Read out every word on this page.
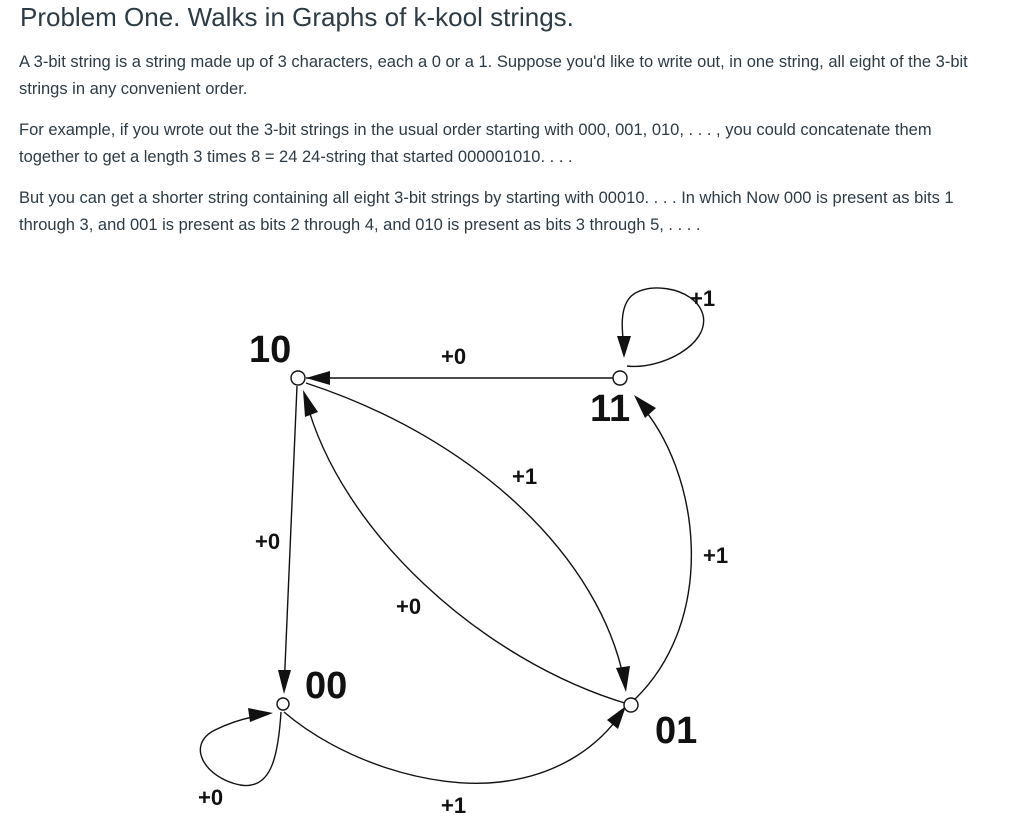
Problem One. Walks in Graphs of k-kool strings.

A 3-bit string is a string made up of 3 characters, each a 0 or a 1. Suppose you'd like to write out, in one string, all eight of the 3-bit strings in any convenient order.

For example, if you wrote out the 3-bit strings in the usual order starting with 000, 001, 010, . . . , you could concatenate them together to get a length 3 times 8 = 24 24-string that started 000001010. . . .

But you can get a shorter string containing all eight 3-bit strings by starting with 00010. . . . In which Now 000 is present as bits 1 through 3, and 001 is present as bits 2 through 4, and 010 is present as bits 3 through 5, . . . .

10
11
00
01
+0
+1
+0
+1
+0
+1
+0	+1
